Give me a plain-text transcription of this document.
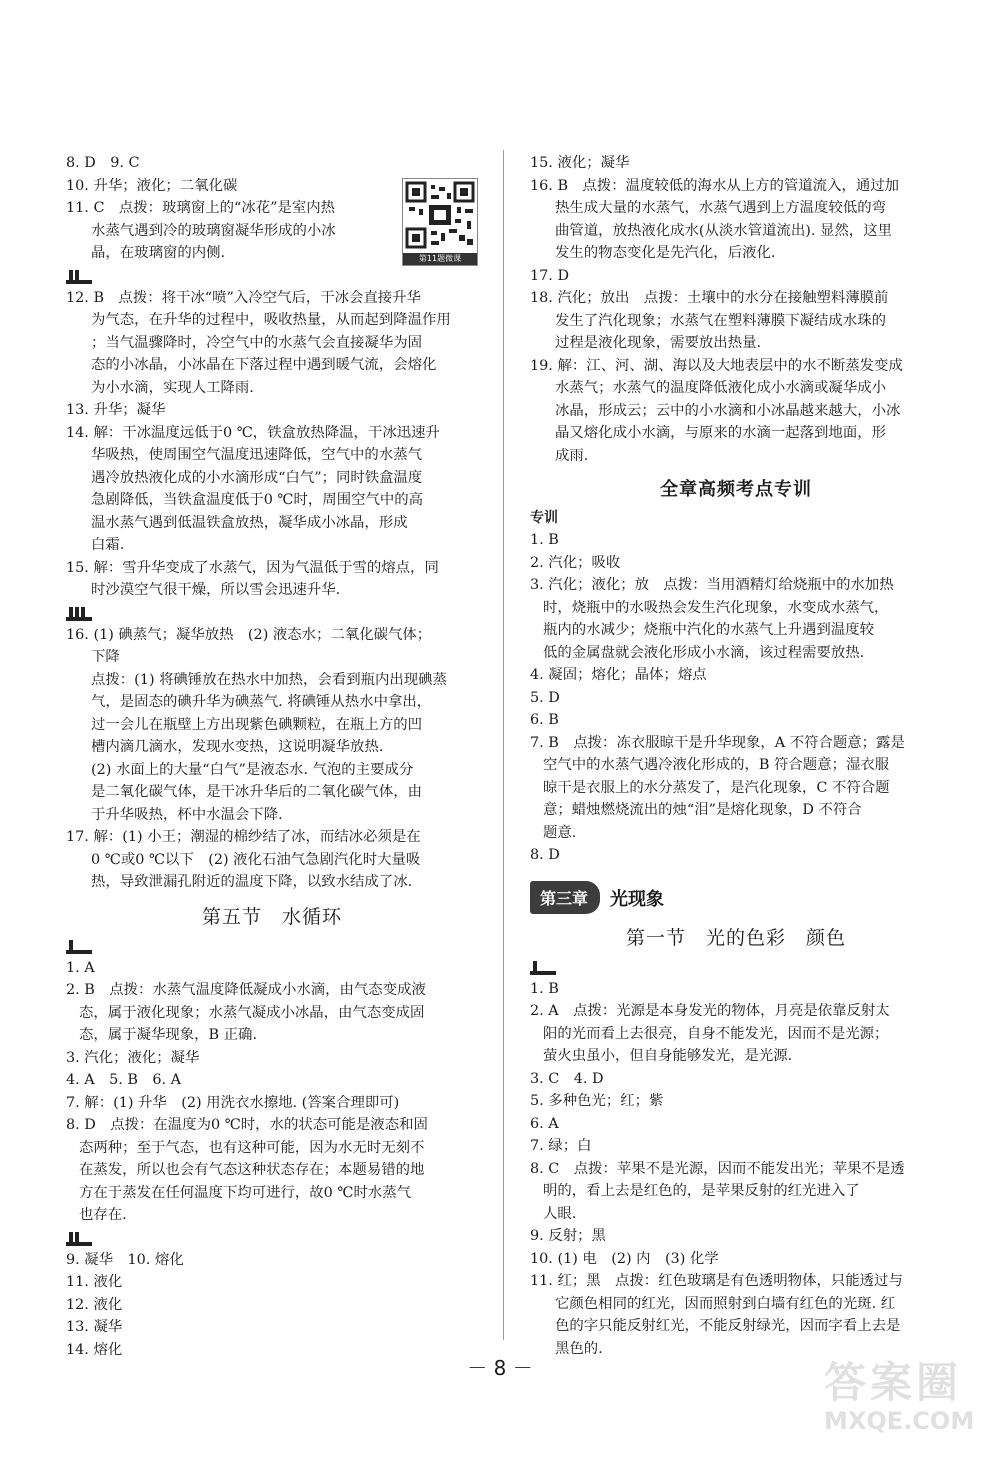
第11题微课
8. D　9. C
10. 升华；液化；二氧化碳
11. C　点拨：玻璃窗上的“冰花”是室内热
水蒸气遇到冷的玻璃窗凝华形成的小冰
晶，在玻璃窗的内侧.
12. B　点拨：将干冰“喷”入冷空气后，干冰会直接升华
为气态，在升华的过程中，吸收热量，从而起到降温作用
；当气温骤降时，冷空气中的水蒸气会直接凝华为固
态的小冰晶，小冰晶在下落过程中遇到暖气流，会熔化
为小水滴，实现人工降雨.
13. 升华；凝华
14. 解：干冰温度远低于0 ℃，铁盒放热降温，干冰迅速升
华吸热，使周围空气温度迅速降低，空气中的水蒸气
遇冷放热液化成的小水滴形成“白气”；同时铁盒温度
急剧降低，当铁盒温度低于0 ℃时，周围空气中的高
温水蒸气遇到低温铁盒放热，凝华成小冰晶，形成
白霜.
15. 解：雪升华变成了水蒸气，因为气温低于雪的熔点，同
时沙漠空气很干燥，所以雪会迅速升华.
16. (1) 碘蒸气；凝华放热　(2) 液态水；二氧化碳气体；
下降
点拨：(1) 将碘锤放在热水中加热，会看到瓶内出现碘蒸
气，是固态的碘升华为碘蒸气. 将碘锤从热水中拿出，
过一会儿在瓶壁上方出现紫色碘颗粒，在瓶上方的凹
槽内滴几滴水，发现水变热，这说明凝华放热.
(2) 水面上的大量“白气”是液态水. 气泡的主要成分
是二氧化碳气体，是干冰升华后的二氧化碳气体，由
于升华吸热，杯中水温会下降.
17. 解：(1) 小王；潮湿的棉纱结了冰，而结冰必须是在
0 ℃或0 ℃以下　(2) 液化石油气急剧汽化时大量吸
热，导致泄漏孔附近的温度下降，以致水结成了冰.
第五节　水循环
1. A
2. B　点拨：水蒸气温度降低凝成小水滴，由气态变成液
态，属于液化现象；水蒸气凝成小冰晶，由气态变成固
态，属于凝华现象，B 正确.
3. 汽化；液化；凝华
4. A　5. B　6. A
7. 解：(1) 升华　(2) 用洗衣水擦地. (答案合理即可)
8. D　点拨：在温度为0 ℃时，水的状态可能是液态和固
态两种；至于气态，也有这种可能，因为水无时无刻不
在蒸发，所以也会有气态这种状态存在；本题易错的地
方在于蒸发在任何温度下均可进行，故0 ℃时水蒸气
也存在.
9. 凝华　10. 熔化
11. 液化
12. 液化
13. 凝华
14. 熔化
15. 液化；凝华
16. B　点拨：温度较低的海水从上方的管道流入，通过加
热生成大量的水蒸气，水蒸气遇到上方温度较低的弯
曲管道，放热液化成水(从淡水管道流出). 显然，这里
发生的物态变化是先汽化，后液化.
17. D
18. 汽化；放出　点拨：土壤中的水分在接触塑料薄膜前
发生了汽化现象；水蒸气在塑料薄膜下凝结成水珠的
过程是液化现象，需要放出热量.
19. 解：江、河、湖、海以及大地表层中的水不断蒸发变成
水蒸气；水蒸气的温度降低液化成小水滴或凝华成小
冰晶，形成云；云中的小水滴和小冰晶越来越大，小冰
晶又熔化成小水滴，与原来的水滴一起落到地面，形
成雨.
全章高频考点专训
专训
1. B
2. 汽化；吸收
3. 汽化；液化；放　点拨：当用酒精灯给烧瓶中的水加热
时，烧瓶中的水吸热会发生汽化现象，水变成水蒸气，
瓶内的水减少；烧瓶中汽化的水蒸气上升遇到温度较
低的金属盘就会液化形成小水滴，该过程需要放热.
4. 凝固；熔化；晶体；熔点
5. D
6. B
7. B　点拨：冻衣服晾干是升华现象，A 不符合题意；露是
空气中的水蒸气遇冷液化形成的，B 符合题意；湿衣服
晾干是衣服上的水分蒸发了，是汽化现象，C 不符合题
意；蜡烛燃烧流出的烛“泪”是熔化现象，D 不符合
题意.
8. D
第三章	光现象
第一节　光的色彩　颜色
1. B
2. A　点拨：光源是本身发光的物体，月亮是依靠反射太
阳的光而看上去很亮，自身不能发光，因而不是光源；
萤火虫虽小，但自身能够发光，是光源.
3. C　4. D
5. 多种色光；红；紫
6. A
7. 绿；白
8. C　点拨：苹果不是光源，因而不能发出光；苹果不是透
明的，看上去是红色的，是苹果反射的红光进入了
人眼.
9. 反射；黑
10. (1) 电　(2) 内　(3) 化学
11. 红；黑　点拨：红色玻璃是有色透明物体，只能透过与
它颜色相同的红光，因而照射到白墙有红色的光斑. 红
色的字只能反射红光，不能反射绿光，因而字看上去是
黑色的.
－ 8 －	答案圈
MXQE.COM
